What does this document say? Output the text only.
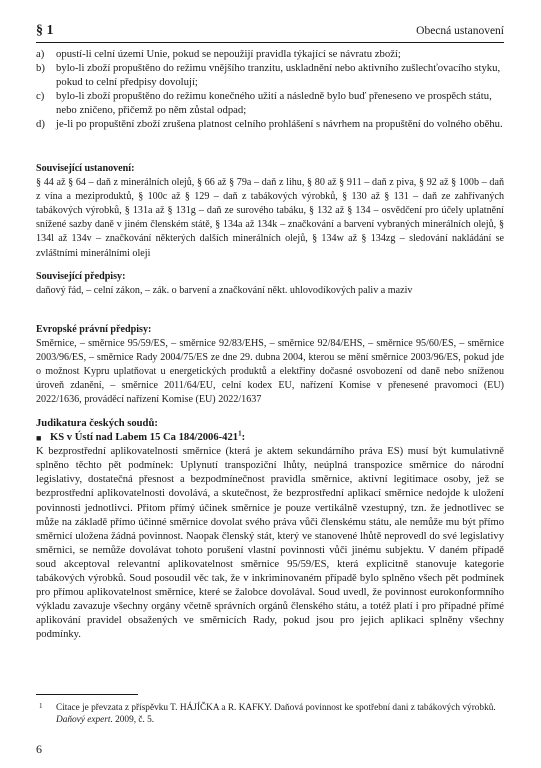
§ 1	Obecná ustanovení
a) opustí-li celní území Unie, pokud se nepoužijí pravidla týkající se návratu zboží;
b) bylo-li zboží propuštěno do režimu vnějšího tranzitu, uskladnění nebo aktivního zušlechťovacího styku, pokud to celní předpisy dovolují;
c) bylo-li zboží propuštěno do režimu konečného užití a následně bylo buď přeneseno ve prospěch státu, nebo zničeno, přičemž po něm zůstal odpad;
d) je-li po propuštění zboží zrušena platnost celního prohlášení s návrhem na propuštění do volného oběhu.
Související ustanovení:
§ 44 až § 64 – daň z minerálních olejů, § 66 až § 79a – daň z lihu, § 80 až § 911 – daň z piva, § 92 až § 100b – daň z vína a meziproduktů, § 100c až § 129 – daň z tabákových výrobků, § 130 až § 131 – daň ze zahřívaných tabákových výrobků, § 131a až § 131g – daň ze surového tabáku, § 132 až § 134 – osvědčení pro účely uplatnění snížené sazby daně v jiném členském státě, § 134a až 134k – značkování a barvení vybraných minerálních olejů, § 134l až 134v – značkování některých dalších minerálních olejů, § 134w až § 134zg – sledování nakládání se zvláštními minerálními oleji
Související předpisy:
daňový řád, – celní zákon, – zák. o barvení a značkování někt. uhlovodíkových paliv a maziv
Evropské právní předpisy:
Směrnice, – směrnice 95/59/ES, – směrnice 92/83/EHS, – směrnice 92/84/EHS, – směrnice 95/60/ES, – směrnice 2003/96/ES, – směrnice Rady 2004/75/ES ze dne 29. dubna 2004, kterou se mění směrnice 2003/96/ES, pokud jde o možnost Kypru uplatňovat u energetických produktů a elektřiny dočasné osvobození od daně nebo sníženou úroveň zdanění, – směrnice 2011/64/EU, celní kodex EU, nařízení Komise v přenesené pravomoci (EU) 2022/1636, prováděcí nařízení Komise (EU) 2022/1637
Judikatura českých soudů:
■ KS v Ústí nad Labem 15 Ca $184/2006-421^1$:
K bezprostřední aplikovatelnosti směrnice (která je aktem sekundárního práva ES) musí být kumulativně splněno těchto pět podmínek: Uplynutí transpoziční lhůty, neúplná transpozice směrnice do národní legislativy, dostatečná přesnost a bezpodmínečnost pravidla směrnice, aktivní legitimace osoby, jež se bezprostřední aplikovatelnosti dovolává, a skutečnost, že bezprostřední aplikací směrnice nedojde k uložení povinnosti jednotlivci. Přitom přímý účinek směrnice je pouze vertikálně vzestupný, tzn. že jednotlivec se může na základě přímo účinné směrnice dovolat svého práva vůči členskému státu, ale nemůže mu být přímo směrnicí uložena žádná povinnost. Naopak členský stát, který ve stanovené lhůtě neprovedl do své legislativy směrnici, se nemůže dovolávat tohoto porušení vlastní povinnosti vůči jinému subjektu. V daném případě soud akceptoval relevantní aplikovatelnost směrnice 95/59/ES, která explicitně stanovuje kategorie tabákových výrobků. Soud posoudil věc tak, že v inkriminovaném případě bylo splněno všech pět podmínek pro přímou aplikovatelnost směrnice, které se žalobce dovolával. Soud uvedl, že povinnost eurokonformního výkladu zavazuje všechny orgány včetně správních orgánů členského státu, a totéž platí i pro případné přímé aplikování pravidel obsažených ve směrnicích Rady, pokud jsou pro jejich aplikaci splněny všechny podmínky.
1	Citace je převzata z příspěvku T. HÁJÍČKA a R. KAFKY. Daňová povinnost ke spotřební dani z tabákových výrobků. Daňový expert. 2009, č. 5.
6
